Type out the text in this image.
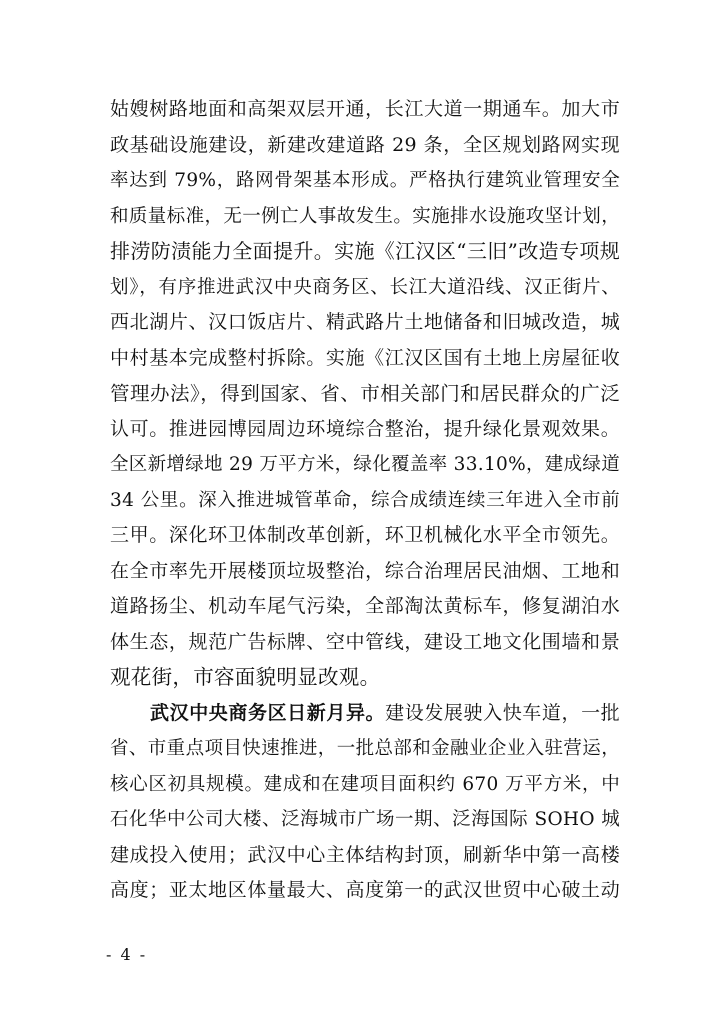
姑嫂树路地面和高架双层开通，长江大道一期通车。加大市
政基础设施建设，新建改建道路 29 条，全区规划路网实现
率达到 79%，路网骨架基本形成。严格执行建筑业管理安全
和质量标准，无一例亡人事故发生。实施排水设施攻坚计划，
排涝防渍能力全面提升。实施《江汉区“三旧”改造专项规
划》，有序推进武汉中央商务区、长江大道沿线、汉正街片、
西北湖片、汉口饭店片、精武路片土地储备和旧城改造，城
中村基本完成整村拆除。实施《江汉区国有土地上房屋征收
管理办法》，得到国家、省、市相关部门和居民群众的广泛
认可。推进园博园周边环境综合整治，提升绿化景观效果。
全区新增绿地 29 万平方米，绿化覆盖率 33.10%，建成绿道
34 公里。深入推进城管革命，综合成绩连续三年进入全市前
三甲。深化环卫体制改革创新，环卫机械化水平全市领先。
在全市率先开展楼顶垃圾整治，综合治理居民油烟、工地和
道路扬尘、机动车尾气污染，全部淘汰黄标车，修复湖泊水
体生态，规范广告标牌、空中管线，建设工地文化围墙和景
观花街，市容面貌明显改观。
武汉中央商务区日新月异。建设发展驶入快车道，一批
省、市重点项目快速推进，一批总部和金融业企业入驻营运，
核心区初具规模。建成和在建项目面积约 670 万平方米，中
石化华中公司大楼、泛海城市广场一期、泛海国际 SOHO 城
建成投入使用；武汉中心主体结构封顶，刷新华中第一高楼
高度；亚太地区体量最大、高度第一的武汉世贸中心破土动
- 4 -
